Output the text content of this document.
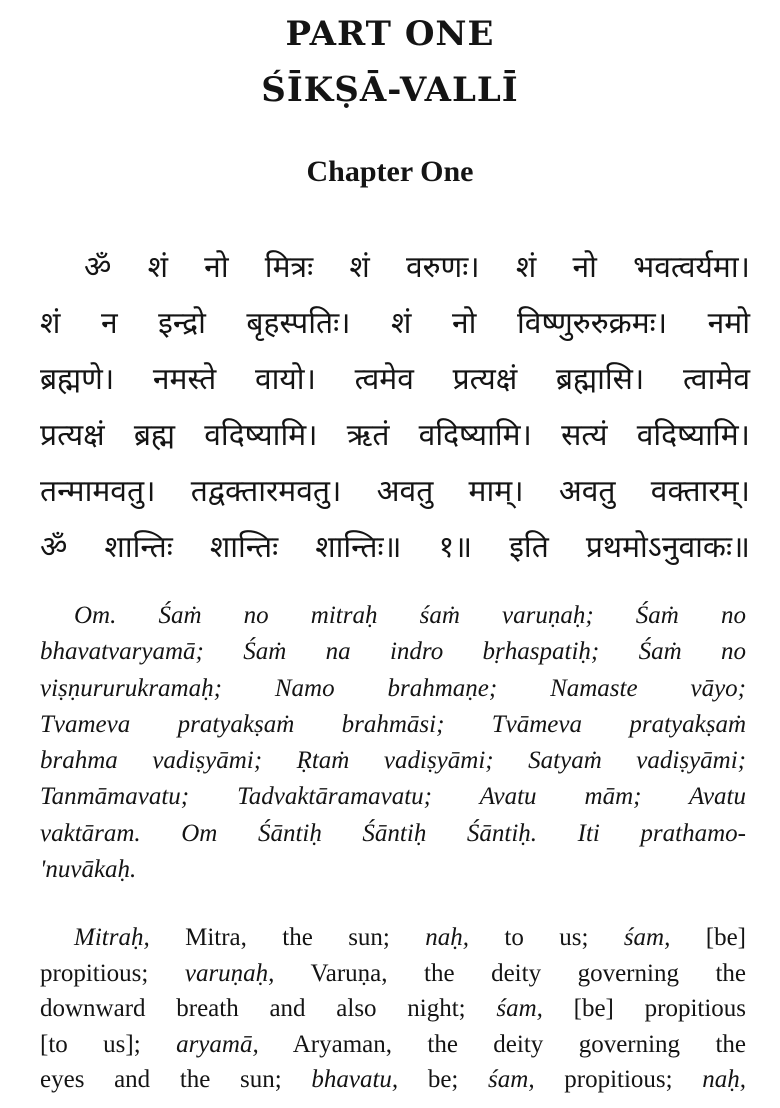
PART ONE
ŚĪKṢĀ-VALLĪ
Chapter One
ॐ शं नो मित्रः शं वरुणः। शं नो भवत्वर्यमा।
शं न इन्द्रो बृहस्पतिः। शं नो विष्णुरुरुक्रमः। नमो
ब्रह्मणे। नमस्ते वायो। त्वमेव प्रत्यक्षं ब्रह्मासि। त्वामेव
प्रत्यक्षं ब्रह्म वदिष्यामि। ऋतं वदिष्यामि। सत्यं वदिष्यामि।
तन्मामवतु। तद्वक्तारमवतु। अवतु माम्। अवतु वक्तारम्।
ॐ शान्तिः शान्तिः शान्तिः॥ १॥ इति प्रथमोऽनुवाकः॥
Om. Śaṁ no mitraḥ śaṁ varuṇaḥ; Śaṁ no
bhavatvaryamā; Śaṁ na indro bṛhaspatiḥ; Śaṁ no
viṣṇururukramaḥ; Namo brahmaṇe; Namaste vāyo;
Tvameva pratyakṣaṁ brahmāsi; Tvāmeva pratyakṣaṁ
brahma vadiṣyāmi; Ṛtaṁ vadiṣyāmi; Satyaṁ vadiṣyāmi;
Tanmāmavatu; Tadvaktāramavatu; Avatu mām; Avatu
vaktāram. Om Śāntiḥ Śāntiḥ Śāntiḥ. Iti prathamo-
'nuvākaḥ.
Mitraḥ, Mitra, the sun; naḥ, to us; śam, [be]
propitious; varuṇaḥ, Varuṇa, the deity governing the
downward breath and also night; śam, [be] propitious
[to us]; aryamā, Aryaman, the deity governing the
eyes and the sun; bhavatu, be; śam, propitious; naḥ,
